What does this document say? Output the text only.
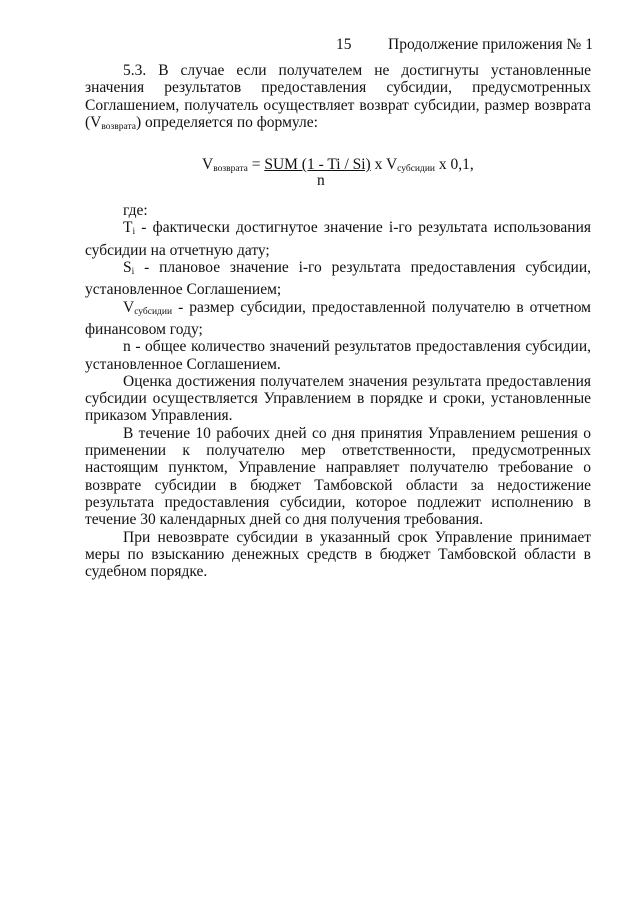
15 Продолжение приложения № 1

5.3. В случае если получателем не достигнуты установленные значения результатов предоставления субсидии, предусмотренных Соглашением, получатель осуществляет возврат субсидии, размер возврата $(V_{возврата})$ определяется по формуле:

$V_{возврата}$ = SUM (1 - Ti / Si) x $V_{субсидии}$ x 0,1,
n

где:

$T_i$ - фактически достигнутое значение i-го результата использования субсидии на отчетную дату;

$S_i$ - плановое значение i-го результата предоставления субсидии, установленное Соглашением;

$V_{субсидии}$ - размер субсидии, предоставленной получателю в отчетном финансовом году;

n - общее количество значений результатов предоставления субсидии, установленное Соглашением.

Оценка достижения получателем значения результата предоставления субсидии осуществляется Управлением в порядке и сроки, установленные приказом Управления.

В течение 10 рабочих дней со дня принятия Управлением решения о применении к получателю мер ответственности, предусмотренных настоящим пунктом, Управление направляет получателю требование о возврате субсидии в бюджет Тамбовской области за недостижение результата предоставления субсидии, которое подлежит исполнению в течение 30 календарных дней со дня получения требования.

При невозврате субсидии в указанный срок Управление принимает меры по взысканию денежных средств в бюджет Тамбовской области в судебном порядке.
